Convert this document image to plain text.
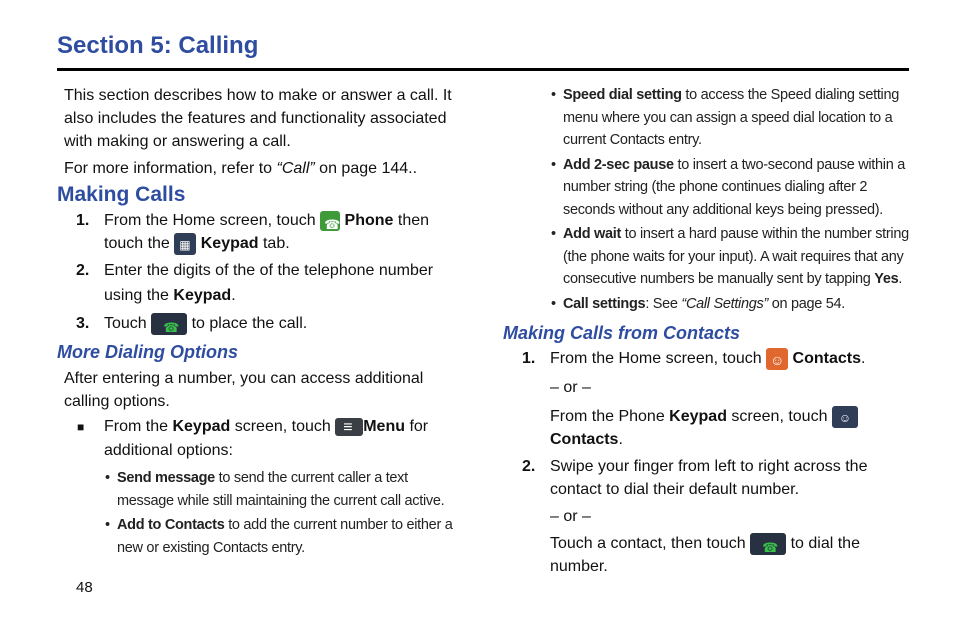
Section 5: Calling

This section describes how to make or answer a call. It also includes the features and functionality associated with making or answering a call.

For more information, refer to “Call” on page 144..

Making Calls

1. From the Home screen, touch ☎ Phone then touch the ▦ Keypad tab.

2. Enter the digits of the of the telephone number using the Keypad.

3. Touch ☎ to place the call.

More Dialing Options

After entering a number, you can access additional calling options.

■ From the Keypad screen, touch ≡Menu for additional options:

• Send message to send the current caller a text message while still maintaining the current call active.

• Add to Contacts to add the current number to either a new or existing Contacts entry.

• Speed dial setting to access the Speed dialing setting menu where you can assign a speed dial location to a current Contacts entry.

• Add 2-sec pause to insert a two-second pause within a number string (the phone continues dialing after 2 seconds without any additional keys being pressed).

• Add wait to insert a hard pause within the number string (the phone waits for your input). A wait requires that any consecutive numbers be manually sent by tapping Yes.

• Call settings: See “Call Settings” on page 54.

Making Calls from Contacts

1. From the Home screen, touch ☺ Contacts.

– or –

From the Phone Keypad screen, touch ☺ Contacts.

2. Swipe your finger from left to right across the contact to dial their default number.

– or –

Touch a contact, then touch ☎ to dial the number.

48
